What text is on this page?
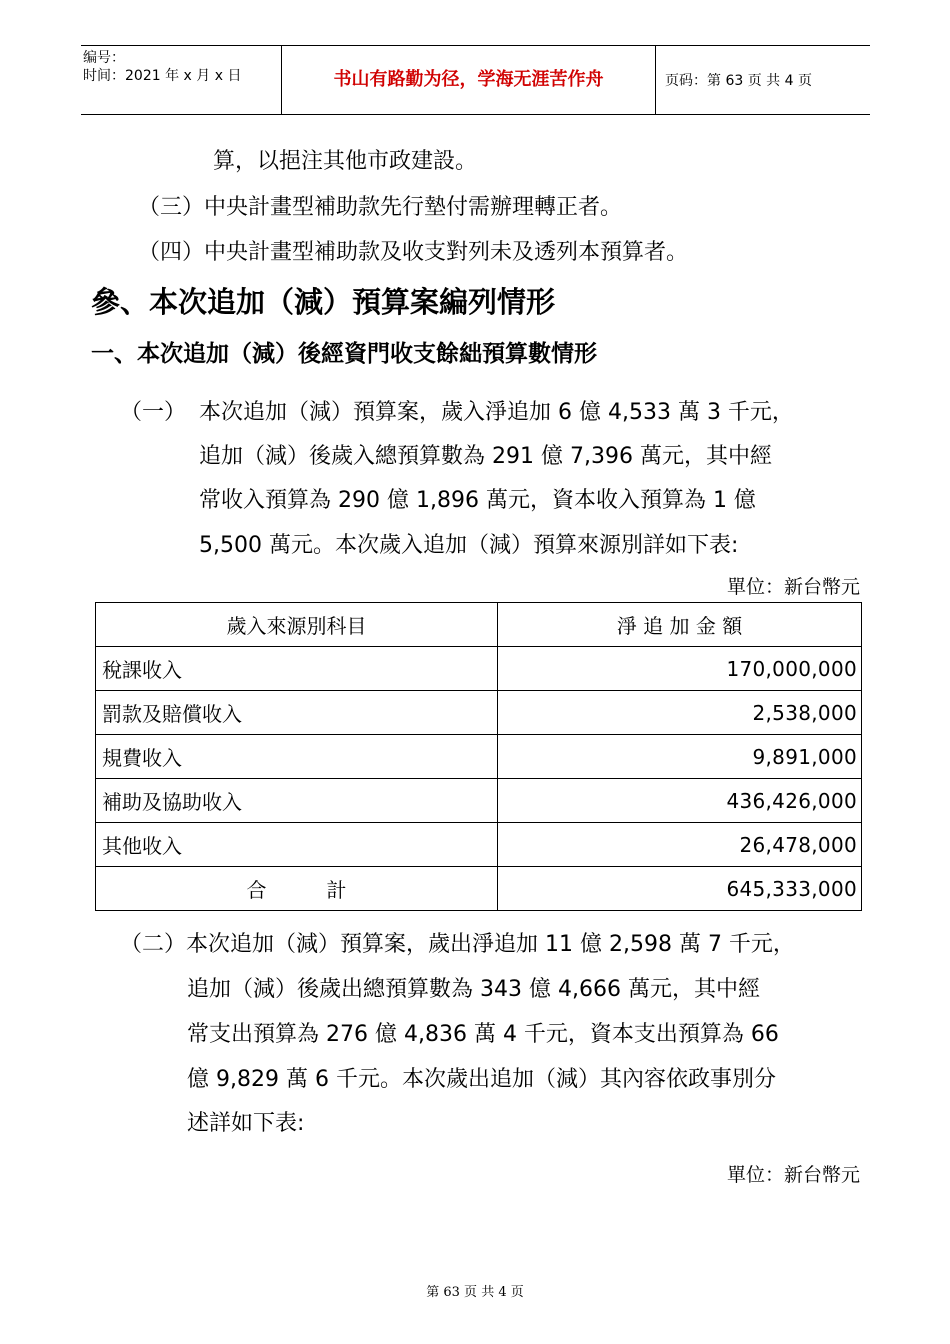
编号：
时间：2021 年 x 月 x 日	书山有路勤为径，学海无涯苦作舟	页码：第 63 页 共 4 页
算，以挹注其他市政建設。
（三）中央計畫型補助款先行墊付需辦理轉正者。
（四）中央計畫型補助款及收支對列未及透列本預算者。
參、本次追加（減）預算案編列情形
一、本次追加（減）後經資門收支餘絀預算數情形
（一） 本次追加（減）預算案，歲入淨追加 6 億 4,533 萬 3 千元，
追加（減）後歲入總預算數為 291 億 7,396 萬元，其中經
常收入預算為 290 億 1,896 萬元，資本收入預算為 1 億
5,500 萬元。本次歲入追加（減）預算來源別詳如下表:
單位：新台幣元
歲入來源別科目	淨 追 加 金 額
稅課收入	170,000,000
罰款及賠償收入	2,538,000
規費收入	9,891,000
補助及協助收入	436,426,000
其他收入	26,478,000
合　　　計	645,333,000
（二）本次追加（減）預算案，歲出淨追加 11 億 2,598 萬 7 千元，
追加（減）後歲出總預算數為 343 億 4,666 萬元，其中經
常支出預算為 276 億 4,836 萬 4 千元，資本支出預算為 66
億 9,829 萬 6 千元。本次歲出追加（減）其內容依政事別分
述詳如下表:
單位：新台幣元
第 63 页 共 4 页
